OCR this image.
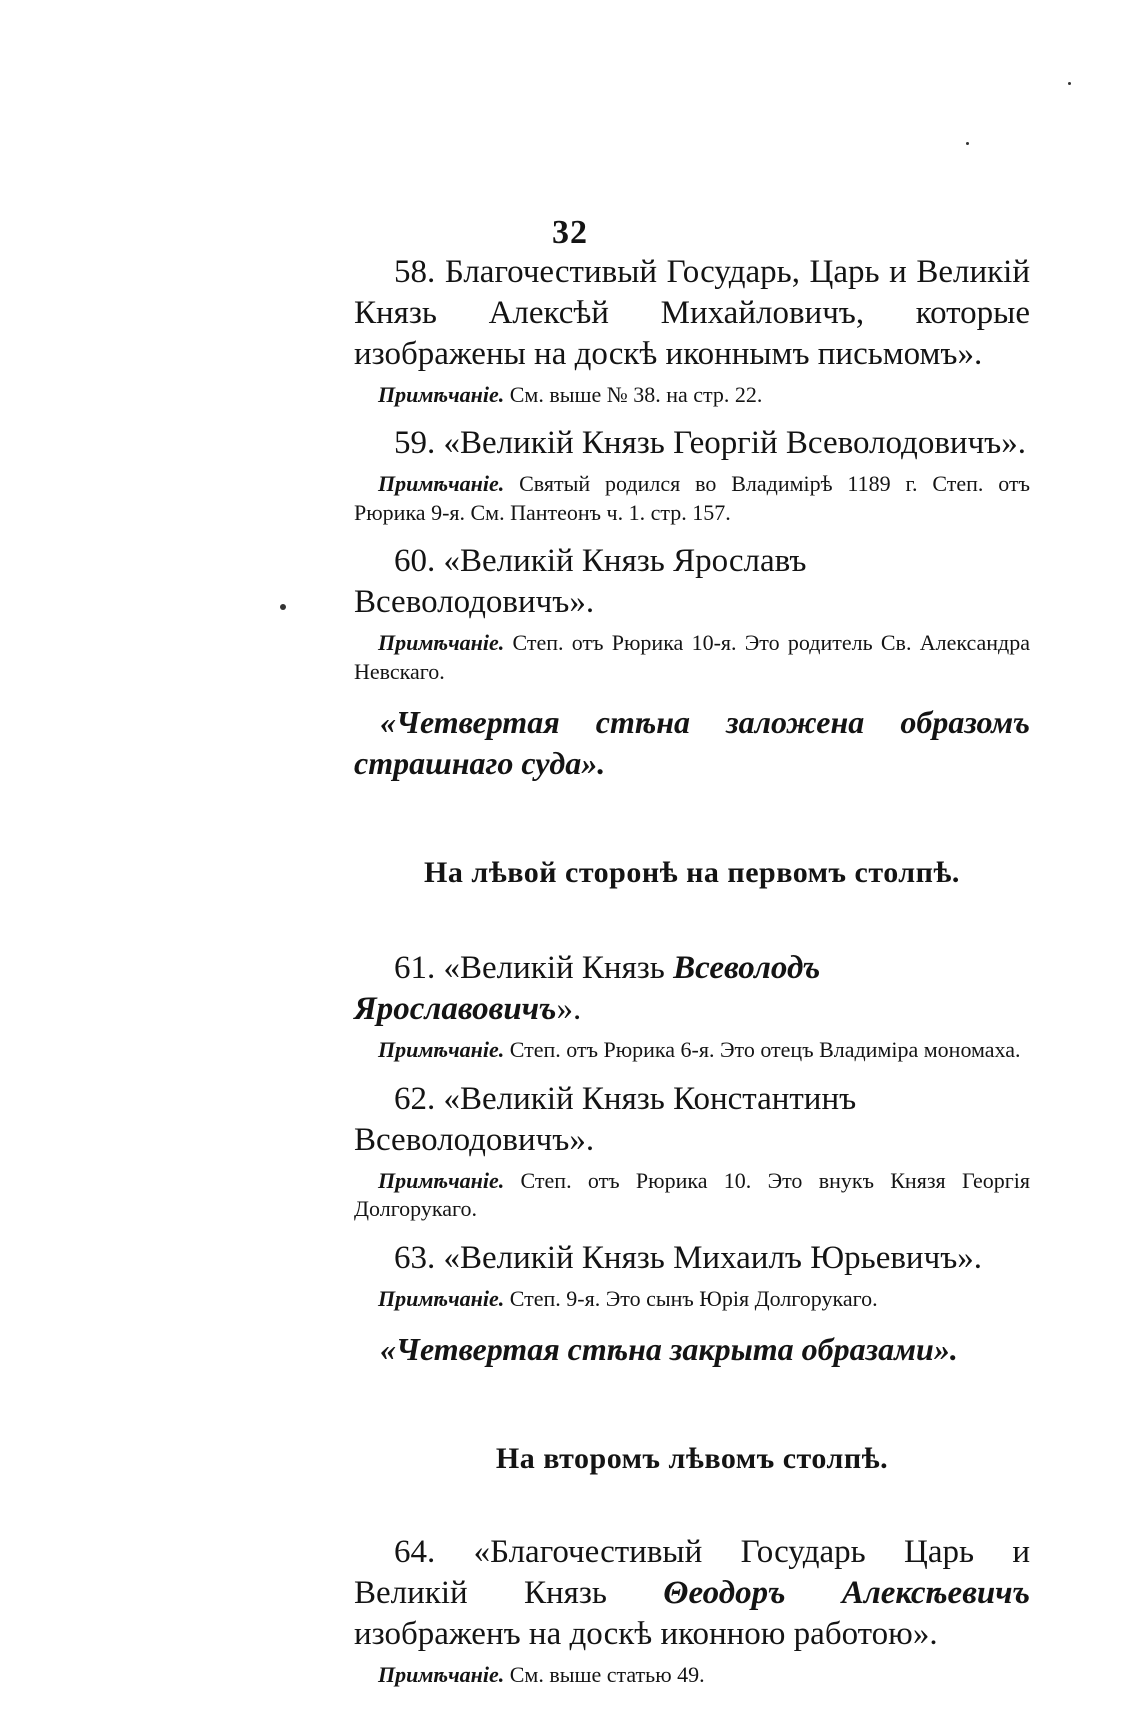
32

58. Благочестивый Государь, Царь и Великій Князь Алексѣй Михайловичъ, которые изображены на доскѣ иконнымъ письмомъ».

Примѣчаніе. См. выше № 38. на стр. 22.

59. «Великій Князь Георгій Всеволодовичъ».

Примѣчаніе. Святый родился во Владимірѣ 1189 г. Степ. отъ Рюрика 9-я. См. Пантеонъ ч. 1. стр. 157.

60. «Великій Князь Ярославъ Всеволодовичъ».

Примѣчаніе. Степ. отъ Рюрика 10-я. Это родитель Св. Александра Невскаго.

«Четвертая стѣна заложена образомъ страшнаго суда».

На лѣвой сторонѣ на первомъ столпѣ.

61. «Великій Князь Всеволодъ Ярославовичъ».

Примѣчаніе. Степ. отъ Рюрика 6-я. Это отецъ Владиміра мономаха.

62. «Великій Князь Константинъ Всеволодовичъ».

Примѣчаніе. Степ. отъ Рюрика 10. Это внукъ Князя Георгія Долгорукаго.

63. «Великій Князь Михаилъ Юрьевичъ».

Примѣчаніе. Степ. 9-я. Это сынъ Юрія Долгорукаго.

«Четвертая стѣна закрыта образами».

На второмъ лѣвомъ столпѣ.

64. «Благочестивый Государь Царь и Великій Князь Θеодоръ Алексѣевичъ изображенъ на доскѣ иконною работою».

Примѣчаніе. См. выше статью 49.
